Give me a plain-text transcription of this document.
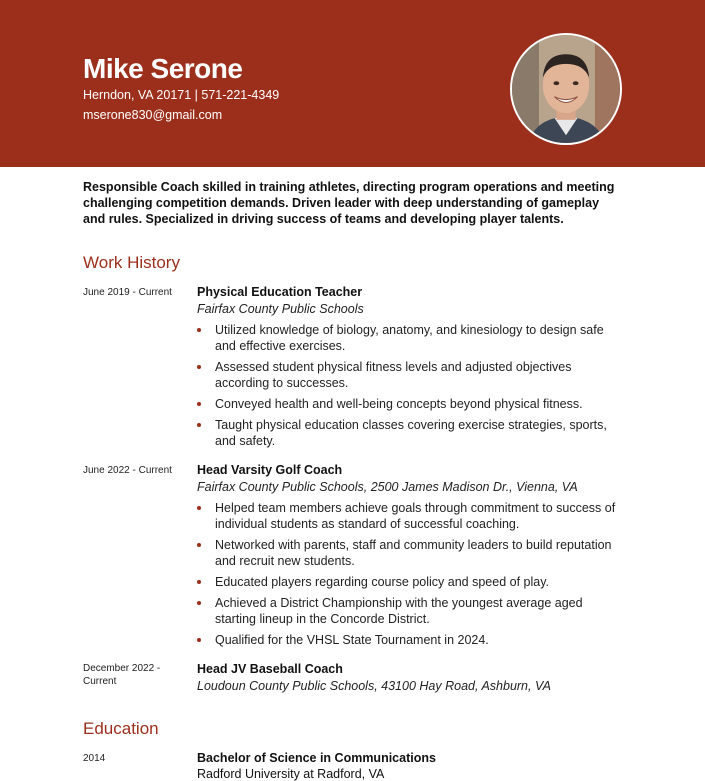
Mike Serone
Herndon, VA 20171 | 571-221-4349
mserone830@gmail.com
Responsible Coach skilled in training athletes, directing program operations and meeting challenging competition demands. Driven leader with deep understanding of gameplay and rules. Specialized in driving success of teams and developing player talents.
Work History
June 2019 - Current	Physical Education Teacher
Fairfax County Public Schools
Utilized knowledge of biology, anatomy, and kinesiology to design safe and effective exercises.
Assessed student physical fitness levels and adjusted objectives according to successes.
Conveyed health and well-being concepts beyond physical fitness.
Taught physical education classes covering exercise strategies, sports, and safety.
June 2022 - Current	Head Varsity Golf Coach
Fairfax County Public Schools, 2500 James Madison Dr., Vienna, VA
Helped team members achieve goals through commitment to success of individual students as standard of successful coaching.
Networked with parents, staff and community leaders to build reputation and recruit new students.
Educated players regarding course policy and speed of play.
Achieved a District Championship with the youngest average aged starting lineup in the Concorde District.
Qualified for the VHSL State Tournament in 2024.
December 2022 - Current
Head JV Baseball Coach
Loudoun County Public Schools, 43100 Hay Road, Ashburn, VA
Education
2014	Bachelor of Science in Communications
Radford University at Radford, VA
